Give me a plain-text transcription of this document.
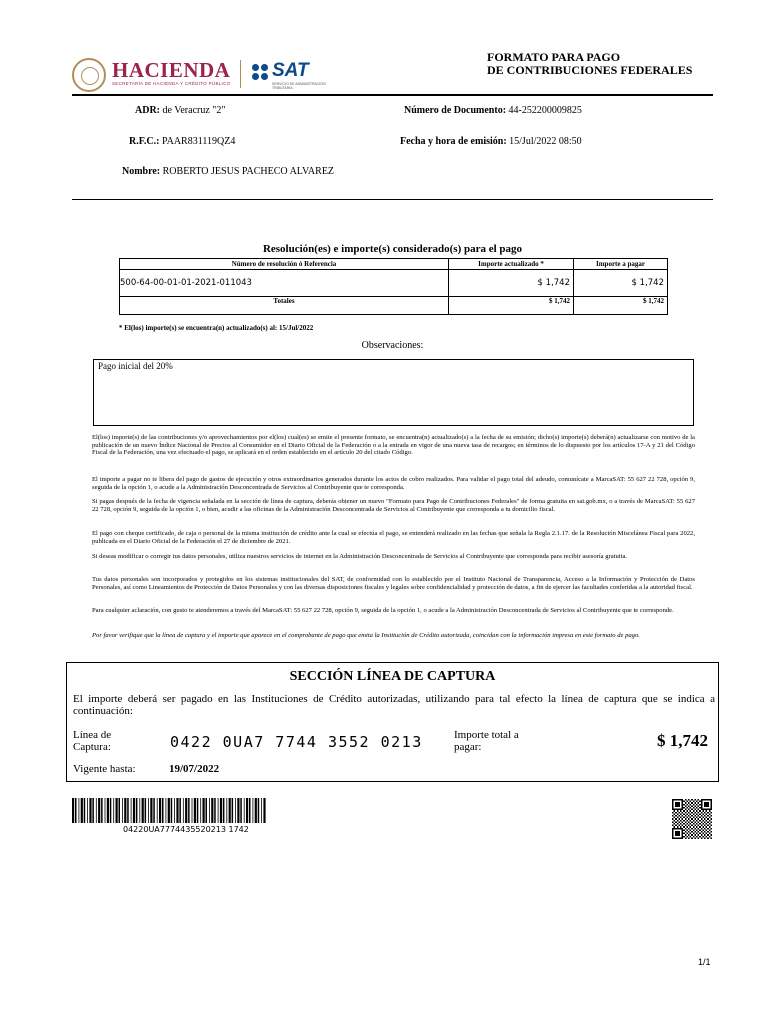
HACIENDA
SECRETARÍA DE HACIENDA Y CRÉDITO PÚBLICO
SAT
SERVICIO DE ADMINISTRACIÓN TRIBUTARIA
FORMATO PARA PAGO
DE CONTRIBUCIONES FEDERALES
ADR: de Veracruz "2"	Número de Documento: 44-252200009825
R.F.C.: PAAR831119QZ4	Fecha y hora de emisión: 15/Jul/2022 08:50
Nombre: ROBERTO JESUS PACHECO ALVAREZ
Resolución(es) e importe(s) considerado(s) para el pago
Número de resolución ó Referencia	Importe actualizado *	Importe a pagar
500-64-00-01-01-2021-011043	$ 1,742	$ 1,742
Totales	$ 1,742	$ 1,742
* El(los) importe(s) se encuentra(n) actualizado(s) al: 15/Jul/2022
Observaciones:
Pago inicial del 20%
El(los) importe(s) de las contribuciones y/o aprovechamientos por el(los) cual(es) se emite el presente formato, se encuentra(n) actualizado(s) a la fecha de su emisión; dicho(s) importe(s) deberá(n) actualizarse con motivo de la publicación de un nuevo Índice Nacional de Precios al Consumidor en el Diario Oficial de la Federación o a la entrada en vigor de una nueva tasa de recargos; en términos de lo dispuesto por los artículos 17-A y 21 del Código Fiscal de la Federación, una vez efectuado el pago, se aplicará en el orden establecido en el artículo 20 del citado Código.
El importe a pagar no te libera del pago de gastos de ejecución y otros extraordinarios generados durante los actos de cobro realizados. Para validar el pago total del adeudo, comunícate a MarcaSAT: 55 627 22 728, opción 9, seguida de la opción 1, o acude a la Administración Desconcentrada de Servicios al Contribuyente que te corresponda.
Si pagas después de la fecha de vigencia señalada en la sección de línea de captura, deberás obtener un nuevo "Formato para Pago de Contribuciones Federales" de forma gratuita en sat.gob.mx, o a través de MarcaSAT: 55 627 22 728, opción 9, seguida de la opción 1, o bien, acudir a las oficinas de la Administración Desconcentrada de Servicios al Contribuyente que corresponda a tu domicilio fiscal.
El pago con cheque certificado, de caja o personal de la misma institución de crédito ante la cual se efectúa el pago, se entenderá realizado en las fechas que señala la Regla 2.1.17. de la Resolución Miscelánea Fiscal para 2022, publicada en el Diario Oficial de la Federación el 27 de diciembre de 2021.
Si deseas modificar o corregir tus datos personales, utiliza nuestros servicios de internet en la Administración Desconcentrada de Servicios al Contribuyente que corresponda para recibir asesoría gratuita.
Tus datos personales son incorporados y protegidos en los sistemas institucionales del SAT, de conformidad con lo establecido por el Instituto Nacional de Transparencia, Acceso a la Información y Protección de Datos Personales, así como Lineamientos de Protección de Datos Personales y con las diversas disposiciones fiscales y legales sobre confidencialidad y protección de datos, a fin de ejercer las facultades conferidas a la autoridad fiscal.
Para cualquier aclaración, con gusto te atenderemos a través del MarcaSAT: 55 627 22 728, opción 9, seguida de la opción 1, o acude a la Administración Desconcentrada de Servicios al Contribuyente que te corresponde.
Por favor verifique que la línea de captura y el importe que aparece en el comprobante de pago que emita la Institución de Crédito autorizada, coincidan con la información impresa en este formato de pago.
SECCIÓN LÍNEA DE CAPTURA
El importe deberá ser pagado en las Instituciones de Crédito autorizadas, utilizando para tal efecto la línea de captura que se indica a continuación:
Línea de
Captura:	0422 0UA7 7744 3552 0213	Importe total a
pagar:	$ 1,742
Vigente hasta:	19/07/2022
04220UA7774435520213 1742
1/1
